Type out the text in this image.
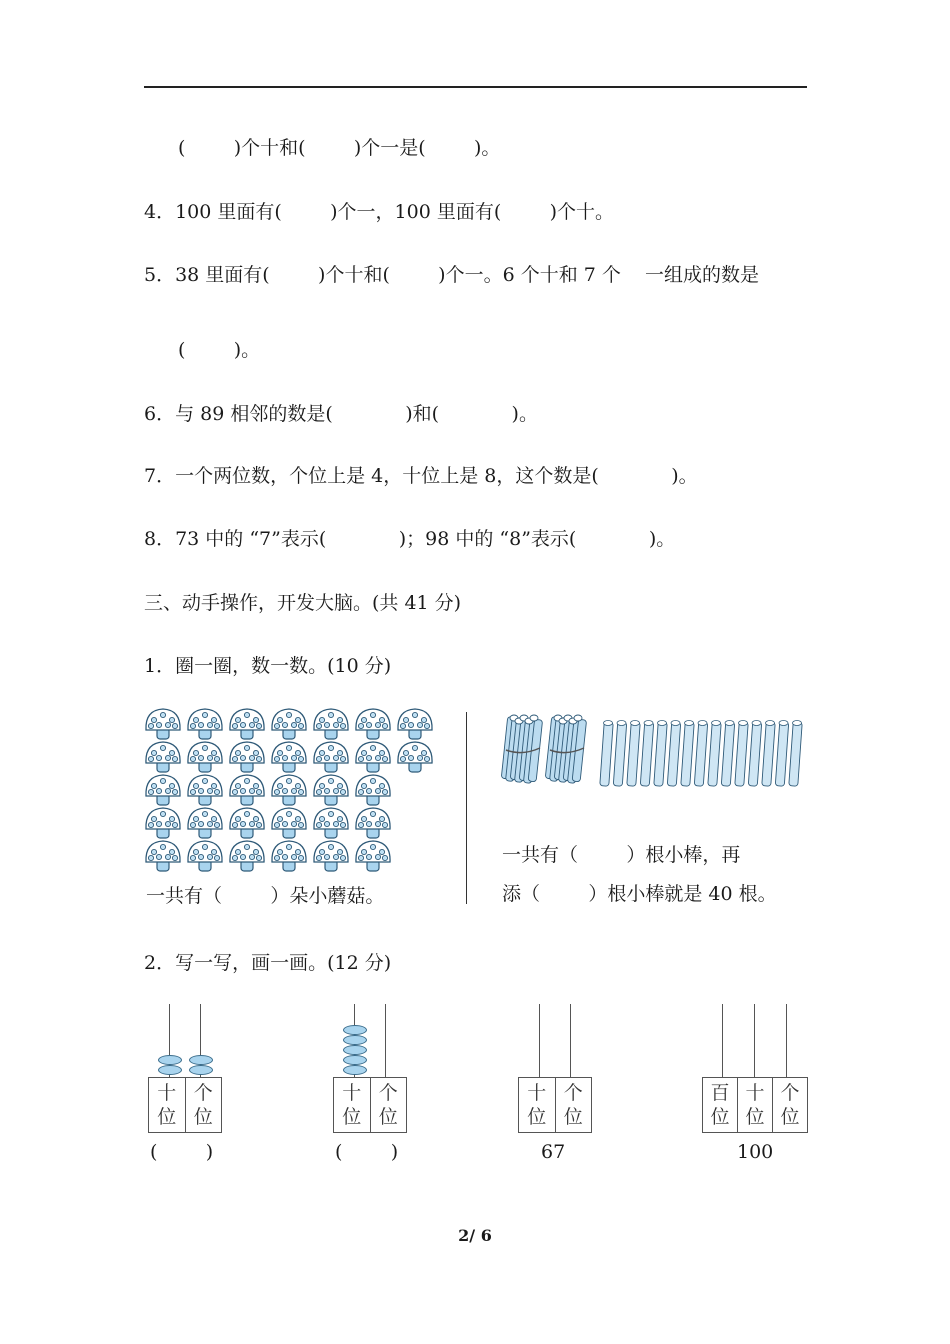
(        )个十和(        )个一是(        )。
4．100 里面有(        )个一，100 里面有(        )个十。
5．38 里面有(        )个十和(        )个一。6 个十和 7 个    一组成的数是
(        )。
6．与 89 相邻的数是(            )和(            )。
7．一个两位数，个位上是 4，十位上是 8，这个数是(            )。
8．73 中的 “7”表示(            )；98 中的 “8”表示(            )。
三、动手操作，开发大脑。(共 41 分)
1．圈一圈，数一数。(10 分)
一共有（        ）朵小蘑菇。
一共有（        ）根小棒，再
添（        ）根小棒就是 40 根。
2．写一写，画一画。(12 分)
十
位
个
位
(        )
十
位
个
位
(        )
十
位
个
位
67
百
位
十
位
个
位
100
2/ 6
